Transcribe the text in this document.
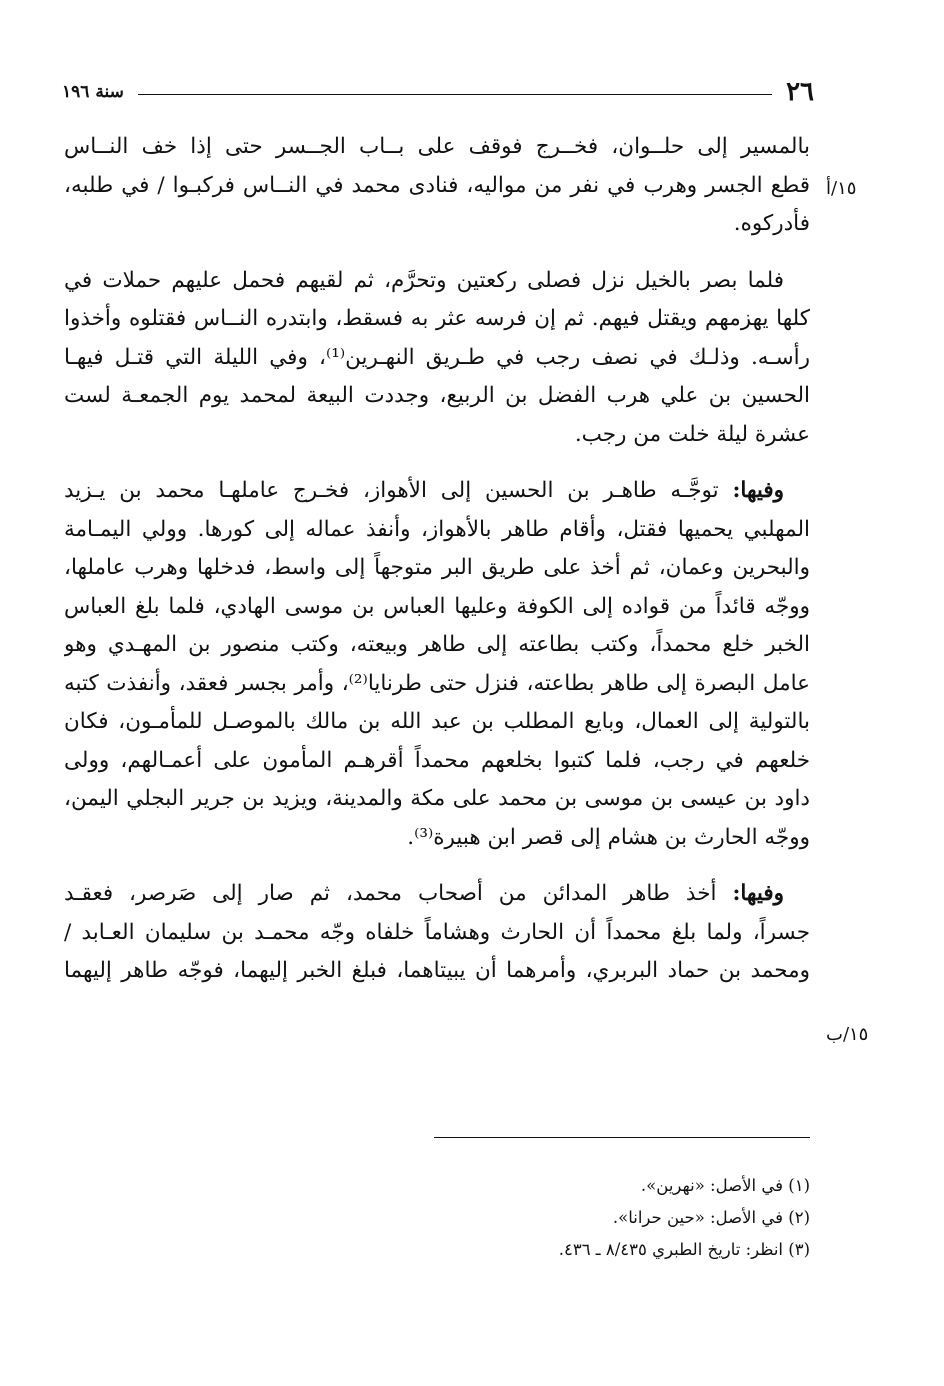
٢٦
سنة ١٩٦
١٥/أ
١٥/ب

بالمسير إلى حلــوان، فخــرج فوقف على بــاب الجــسر حتى إذا خف النــاس
قطع الجسر وهرب في نفر من مواليه، فنادى محمد في النــاس فركبـوا / في طلبه،
فأدركوه.

فلما بصر بالخيل نزل فصلى ركعتين وتحرَّم، ثم لقيهم فحمل عليهم حملات في

كلها يهزمهم ويقتل فيهم. ثم إن فرسه عثر به فسقط، وابتدره النــاس فقتلوه وأخذوا
رأسـه. وذلـك في نصف رجب في طـريق النهـرين⁽¹⁾، وفي الليلة التي قتـل فيهـا
الحسين بن علي هرب الفضل بن الربيع، وجددت البيعة لمحمد يوم الجمعـة لست
عشرة ليلة خلت من رجب.

وفيها: توجَّـه طاهـر بن الحسين إلى الأهواز، فخـرج عاملهـا محمد بن يـزيد
المهلبي يحميها فقتل، وأقام طاهر بالأهواز، وأنفذ عماله إلى كورها. وولي اليمـامة
والبحرين وعمان، ثم أخذ على طريق البر متوجهاً إلى واسط، فدخلها وهرب عاملها،
ووجّه قائداً من قواده إلى الكوفة وعليها العباس بن موسى الهادي، فلما بلغ العباس
الخبر خلع محمداً، وكتب بطاعته إلى طاهر وبيعته، وكتب منصور بن المهـدي وهو
عامل البصرة إلى طاهر بطاعته، فنزل حتى طرنايا⁽²⁾، وأمر بجسر فعقد، وأنفذت كتبه
بالتولية إلى العمال، وبايع المطلب بن عبد الله بن مالك بالموصـل للمأمـون، فكان
خلعهم في رجب، فلما كتبوا بخلعهم محمداً أقرهـم المأمون على أعمـالهم، وولى
داود بن عيسى بن موسى بن محمد على مكة والمدينة، ويزيد بن جرير البجلي اليمن،
ووجّه الحارث بن هشام إلى قصر ابن هبيرة⁽³⁾.

وفيها: أخذ طاهر المدائن من أصحاب محمد، ثم صار إلى صَرصر، فعقـد
جسراً، ولما بلغ محمداً أن الحارث وهشاماً خلفاه وجّه محمـد بن سليمان العـابد /
ومحمد بن حماد البربري، وأمرهما أن يبيتاهما، فبلغ الخبر إليهما، فوجّه طاهر إليهما

(١) في الأصل: «نهرين».
(٢) في الأصل: «حين حرانا».
(٣) انظر: تاريخ الطبري ٨/٤٣٥ ـ ٤٣٦.
